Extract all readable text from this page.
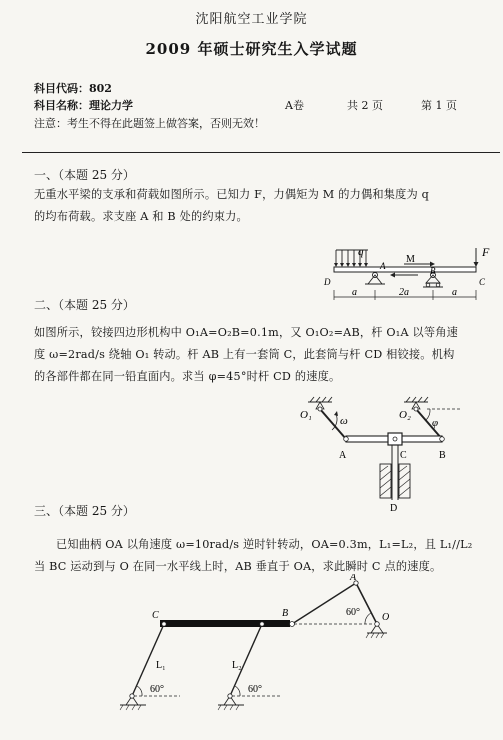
沈阳航空工业学院
2009 年硕士研究生入学试题
科目代码：802
科目名称：理论力学	A卷	共 2 页	第 1 页
注意：考生不得在此题签上做答案，否则无效！
一、（本题 25 分）
无重水平梁的支承和荷载如图所示。已知力 F，力偶矩为 M 的力偶和集度为 q
的均布荷载。求支座 A 和 B 处的约束力。
q
A
M
B
F
D	C
a	2a	a
二、（本题 25 分）
如图所示，铰接四边形机构中 O₁A=O₂B=0.1m，又 O₁O₂=AB，杆 O₁A 以等角速
度 ω=2rad/s 绕轴 O₁ 转动。杆 AB 上有一套筒 C，此套筒与杆 CD 相铰接。机构
的各部件都在同一铅直面内。求当 φ=45°时杆 CD 的速度。
O₁	ω	O₂
φ
A	C	B
D
三、（本题 25 分）
已知曲柄 OA 以角速度 ω=10rad/s 逆时针转动，OA=0.3m，L₁=L₂，且 L₁//L₂
当 BC 运动到与 O 在同一水平线上时，AB 垂直于 OA，求此瞬时 C 点的速度。
A
C	B	O
60°
L₁	L₂
60°	60°
